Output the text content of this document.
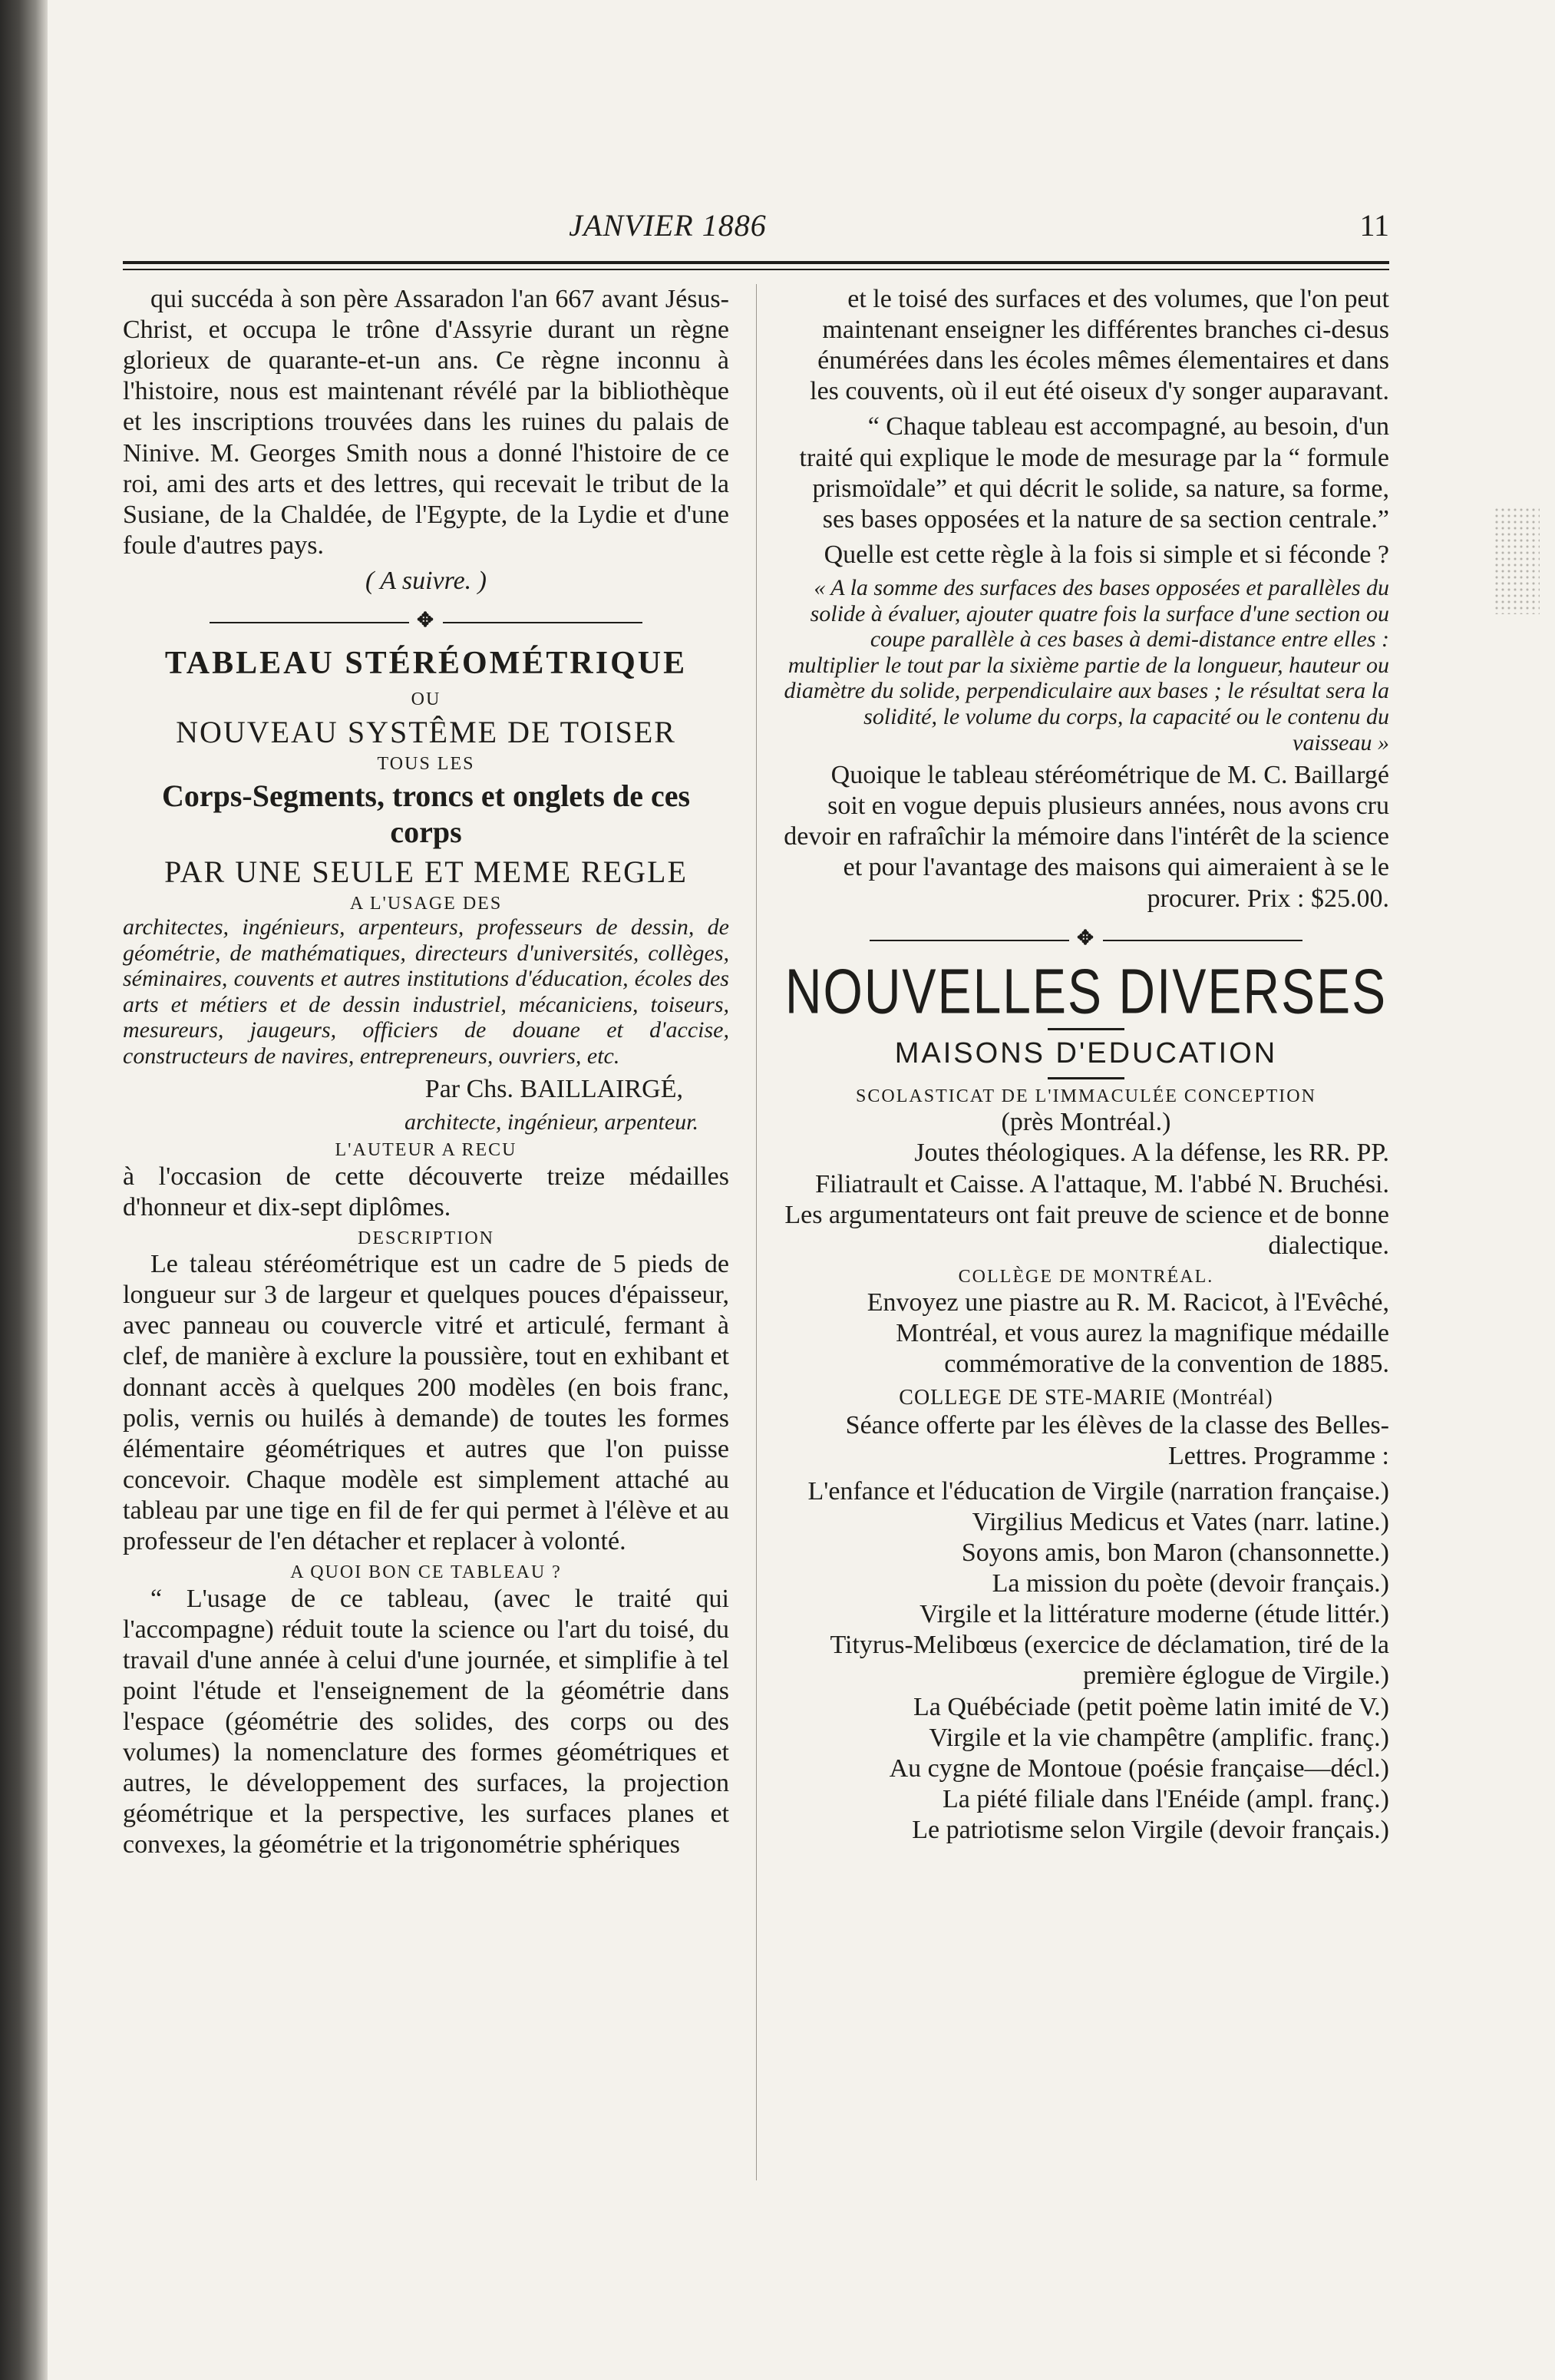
JANVIER 1886	11

qui succéda à son père Assaradon l'an 667 avant Jésus-Christ, et occupa le trône d'Assyrie durant un règne glorieux de quarante-et-un ans. Ce règne inconnu à l'histoire, nous est maintenant révélé par la bibliothèque et les inscriptions trouvées dans les ruines du palais de Ninive. M. Georges Smith nous a donné l'histoire de ce roi, ami des arts et des lettres, qui recevait le tribut de la Susiane, de la Chaldée, de l'Egypte, de la Lydie et d'une foule d'autres pays.

( A suivre. )

✥
TABLEAU STÉRÉOMÉTRIQUE
OU
NOUVEAU SYSTÊME DE TOISER
TOUS LES
Corps-Segments, troncs et onglets de ces corps
PAR UNE SEULE ET MEME REGLE
A L'USAGE DES

architectes, ingénieurs, arpenteurs, professeurs de dessin, de géométrie, de mathématiques, directeurs d'universités, collèges, séminaires, couvents et autres institutions d'éducation, écoles des arts et métiers et de dessin industriel, mécaniciens, toiseurs, mesureurs, jaugeurs, officiers de douane et d'accise, constructeurs de navires, entrepreneurs, ouvriers, etc.

Par Chs. BAILLAIRGÉ,

architecte, ingénieur, arpenteur.

L'AUTEUR A RECU

à l'occasion de cette découverte treize médailles d'honneur et dix-sept diplômes.

DESCRIPTION

Le taleau stéréométrique est un cadre de 5 pieds de longueur sur 3 de largeur et quelques pouces d'épaisseur, avec panneau ou couvercle vitré et articulé, fermant à clef, de manière à exclure la poussière, tout en exhibant et donnant accès à quelques 200 modèles (en bois franc, polis, vernis ou huilés à demande) de toutes les formes élémentaire géométriques et autres que l'on puisse concevoir. Chaque modèle est simplement attaché au tableau par une tige en fil de fer qui permet à l'élève et au professeur de l'en détacher et replacer à volonté.

A QUOI BON CE TABLEAU ?

“ L'usage de ce tableau, (avec le traité qui l'accompagne) réduit toute la science ou l'art du toisé, du travail d'une année à celui d'une journée, et simplifie à tel point l'étude et l'enseignement de la géométrie dans l'espace (géométrie des solides, des corps ou des volumes) la nomenclature des formes géométriques et autres, le développement des surfaces, la projection géométrique et la perspective, les surfaces planes et convexes, la géométrie et la trigonométrie sphériques

et le toisé des surfaces et des volumes, que l'on peut maintenant enseigner les différentes branches ci-desus énumérées dans les écoles mêmes élementaires et dans les couvents, où il eut été oiseux d'y songer auparavant.

“ Chaque tableau est accompagné, au besoin, d'un traité qui explique le mode de mesurage par la “ formule prismoïdale” et qui décrit le solide, sa nature, sa forme, ses bases opposées et la nature de sa section centrale.”

Quelle est cette règle à la fois si simple et si féconde ?

« A la somme des surfaces des bases opposées et parallèles du solide à évaluer, ajouter quatre fois la surface d'une section ou coupe parallèle à ces bases à demi-distance entre elles : multiplier le tout par la sixième partie de la longueur, hauteur ou diamètre du solide, perpendiculaire aux bases ; le résultat sera la solidité, le volume du corps, la capacité ou le contenu du vaisseau »

Quoique le tableau stéréométrique de M. C. Baillargé soit en vogue depuis plusieurs années, nous avons cru devoir en rafraîchir la mémoire dans l'intérêt de la science et pour l'avantage des maisons qui aimeraient à se le procurer. Prix : $25.00.

✥
NOUVELLES DIVERSES
MAISONS D'EDUCATION
SCOLASTICAT DE L'IMMACULÉE CONCEPTION
(près Montréal.)

Joutes théologiques. A la défense, les RR. PP. Filiatrault et Caisse. A l'attaque, M. l'abbé N. Bruchési. Les argumentateurs ont fait preuve de science et de bonne dialectique.

COLLÈGE DE MONTRÉAL.

Envoyez une piastre au R. M. Racicot, à l'Evêché, Montréal, et vous aurez la magnifique médaille commémorative de la convention de 1885.

COLLEGE DE STE-MARIE (Montréal)

Séance offerte par les élèves de la classe des Belles-Lettres. Programme :

L'enfance et l'éducation de Virgile (narration française.)

Virgilius Medicus et Vates (narr. latine.)

Soyons amis, bon Maron (chansonnette.)

La mission du poète (devoir français.)

Virgile et la littérature moderne (étude littér.)

Tityrus-Melibœus (exercice de déclamation, tiré de la première églogue de Virgile.)

La Québéciade (petit poème latin imité de V.)

Virgile et la vie champêtre (amplific. franç.)

Au cygne de Montoue (poésie française—décl.)

La piété filiale dans l'Enéide (ampl. franç.)

Le patriotisme selon Virgile (devoir français.)
